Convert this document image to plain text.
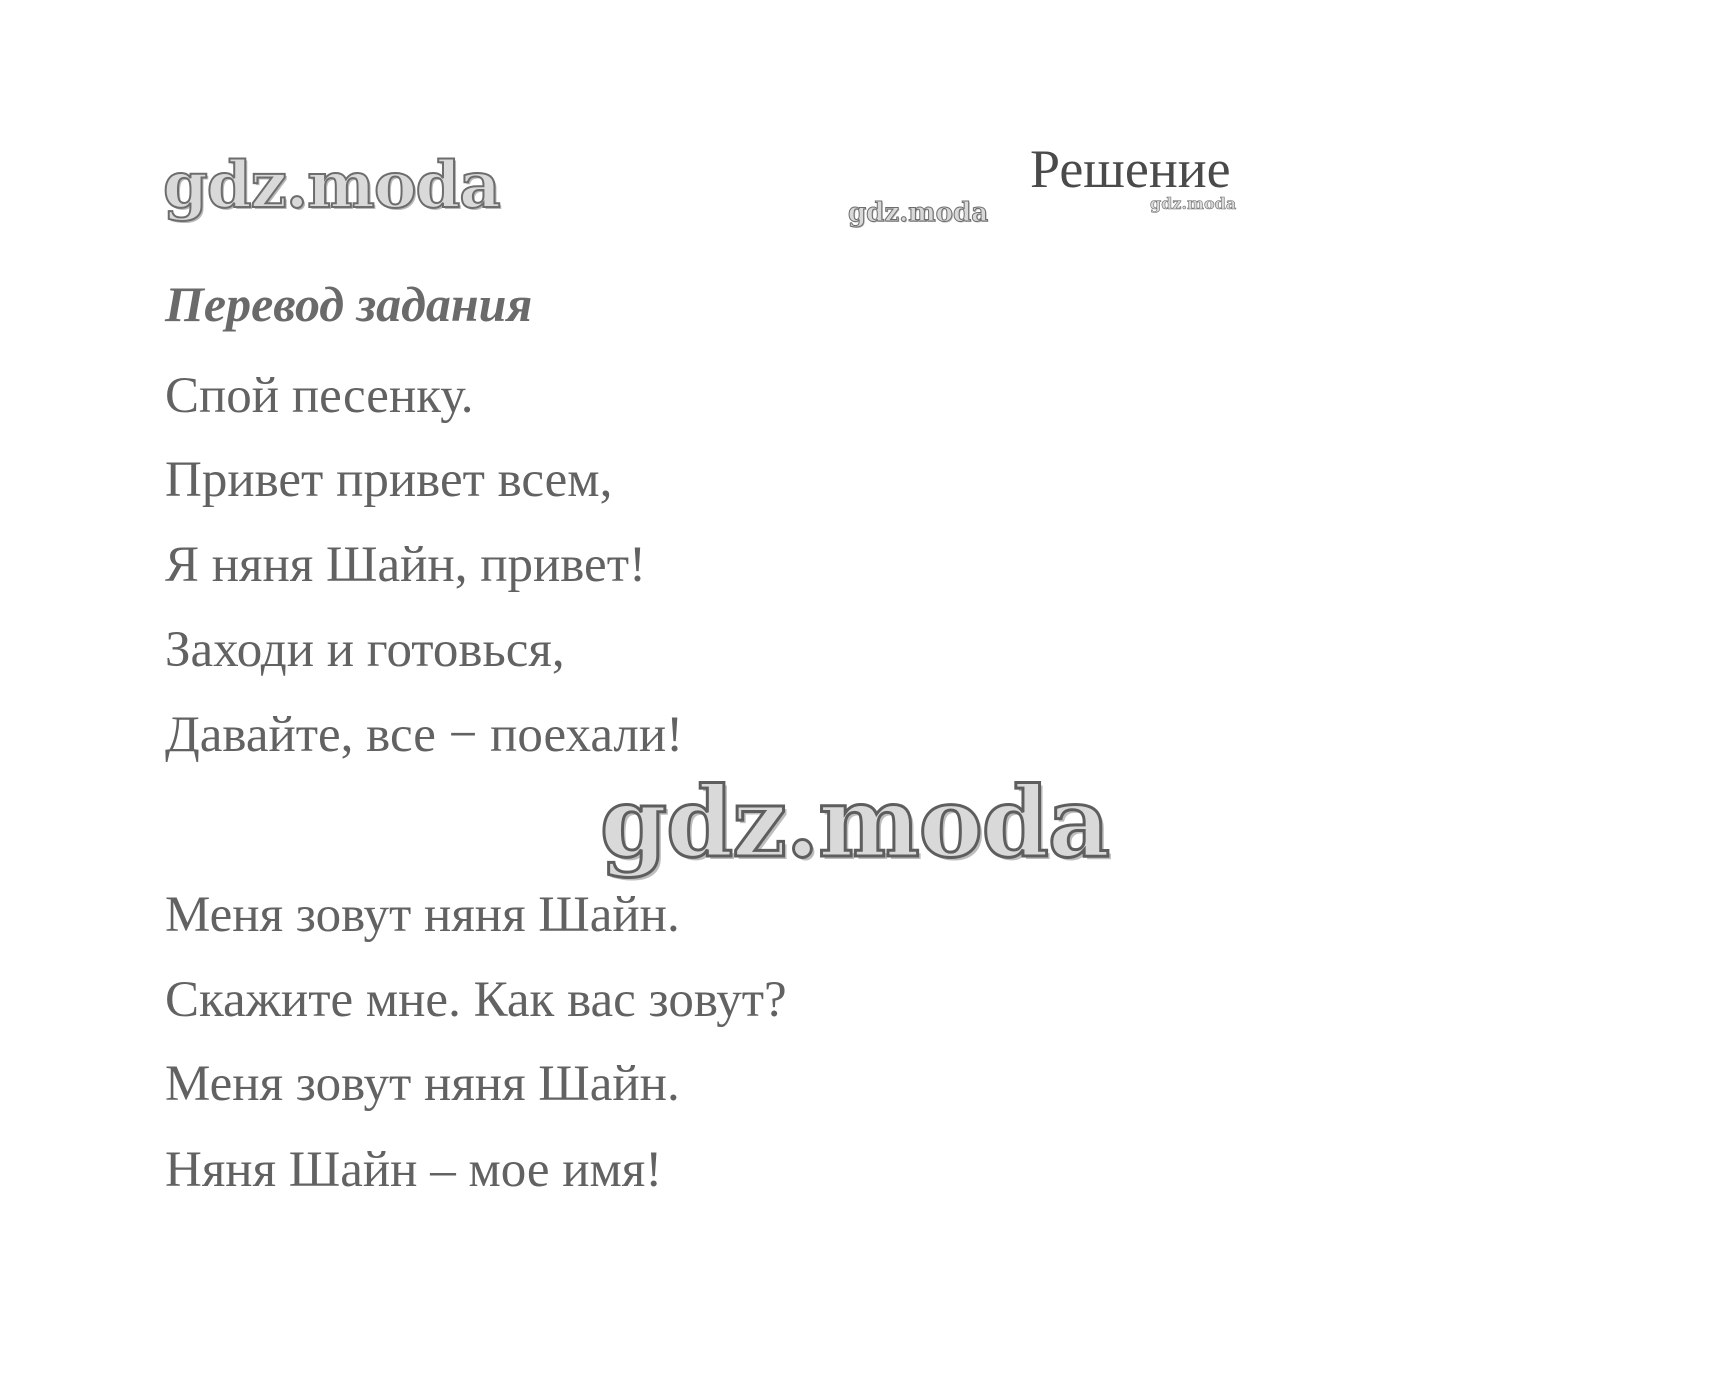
gdz.moda	gdz.moda	gdz.moda
Решение
Перевод задания
Спой песенку.
Привет привет всем,
Я няня Шайн, привет!
Заходи и готовься,
Давайте, все − поехали!
gdz.moda
Меня зовут няня Шайн.
Скажите мне. Как вас зовут?
Меня зовут няня Шайн.
Няня Шайн – мое имя!
